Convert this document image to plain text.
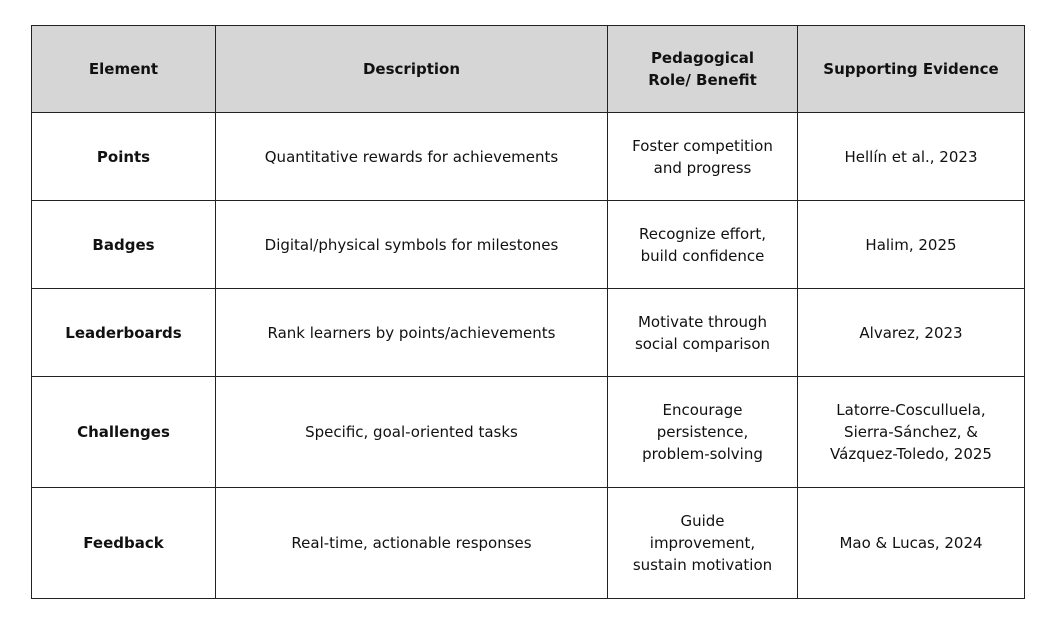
Element	Description	Pedagogical Role/ Benefit	Supporting Evidence
Points	Quantitative rewards for achievements	Foster competition and progress	Hellín et al., 2023
Badges	Digital/physical symbols for milestones	Recognize effort, build confidence	Halim, 2025
Leaderboards	Rank learners by points/achievements	Motivate through social comparison	Alvarez, 2023
Challenges	Specific, goal-oriented tasks	Encourage persistence, problem-solving	Latorre-Cosculluela, Sierra-Sánchez, & Vázquez-Toledo, 2025
Feedback	Real-time, actionable responses	Guide improvement, sustain motivation	Mao & Lucas, 2024
